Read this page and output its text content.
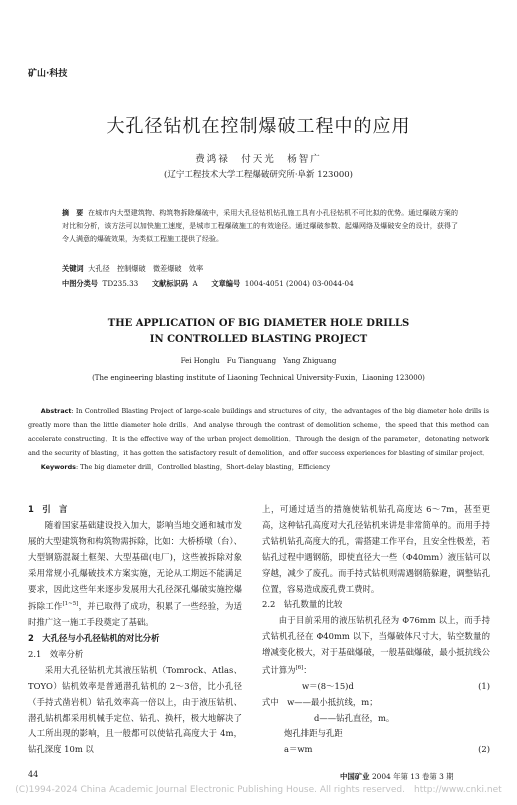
矿山·科技
大孔径钻机在控制爆破工程中的应用
费鸿禄　付天光　杨智广
(辽宁工程技术大学工程爆破研究所·阜新 123000)
摘　要 在城市内大型建筑物、构筑物拆除爆破中，采用大孔径钻机钻孔施工具有小孔径钻机不可比拟的优势。通过爆破方案的对比和分析，该方法可以加快施工速度，是城市工程爆破施工的有效途径。通过爆破参数、起爆网络及爆破安全的设计，获得了令人满意的爆破效果，为类似工程施工提供了经验。
关键词 大孔径　控制爆破　微差爆破　效率
中图分类号 TD235.33 文献标识码 A 文章编号 1004-4051 (2004) 03-0044-04
THE APPLICATION OF BIG DIAMETER HOLE DRILLS
IN CONTROLLED BLASTING PROJECT
Fei Honglu　Fu Tianguang　Yang Zhiguang
(The engineering blasting institute of Liaoning Technical University·Fuxin，Liaoning 123000)
Abstract: In Controlled Blasting Project of large-scale buildings and structures of city，the advantages of the big diameter hole drills is greatly more than the little diameter hole drills．And analyse through the contrast of demolition scheme，the speed that this method can accelerate constructing．It is the effective way of the urban project demolition．Through the design of the parameter，detonating network and the security of blasting，it has gotten the satisfactory result of demolition，and offer success experiences for blasting of similar project．
Keywords: The big diameter drill，Controlled blasting，Short-delay blasting，Efficiency

1　引　言

随着国家基础建设投入加大，影响当地交通和城市发展的大型建筑物和构筑物需拆除，比如：大桥桥墩（台）、大型钢筋混凝土框架、大型基础(电厂)，这些被拆除对象采用常规小孔爆破技术方案实施，无论从工期远不能满足要求，因此这些年来逐步发展用大孔径深孔爆破实施控爆拆除工作[1~5]，并已取得了成功，积累了一些经验，为适时推广这一施工手段奠定了基础。

2　大孔径与小孔径钻机的对比分析

2.1　效率分析

采用大孔径钻机尤其液压钻机（Tomrock、Atlas、TOYO）钻机效率是普通潜孔钻机的 2～3倍，比小孔径（手持式凿岩机）钻孔效率高一倍以上，由于液压钻机、潜孔钻机都采用机械手定位、钻孔、换杆，极大地解决了人工所出现的影响，且一般都可以使钻孔高度大于 4m，钻孔深度 10m 以

上，可通过适当的措施使钻机钻孔高度达 6～7m，甚至更高，这种钻孔高度对大孔径钻机来讲是非常简单的。而用手持式钻机钻孔高度大的孔，需搭建工作平台，且安全性极差，若钻孔过程中遇钢筋，即使直径大一些（Φ40mm）液压钻可以穿越，减少了废孔。而手持式钻机则需遇钢筋躲避，调整钻孔位置，容易造成废孔费工费时。

2.2　钻孔数量的比较

由于目前采用的液压钻机孔径为 Φ76mm 以上，而手持式钻机孔径在 Φ40mm 以下，当爆破体尺寸大，钻空数量的增减变化极大，对于基础爆破，一般基础爆破，最小抵抗线公式计算为[6]：

w＝(8～15)d	(1)

式中　w——最小抵抗线，m；

d——钻孔直径，m。

炮孔排距与孔距

a＝wm	(2)
44	中国矿业 2004 年第 13 卷第 3 期
(C)1994-2024 China Academic Journal Electronic Publishing House. All rights reserved.　http://www.cnki.net
